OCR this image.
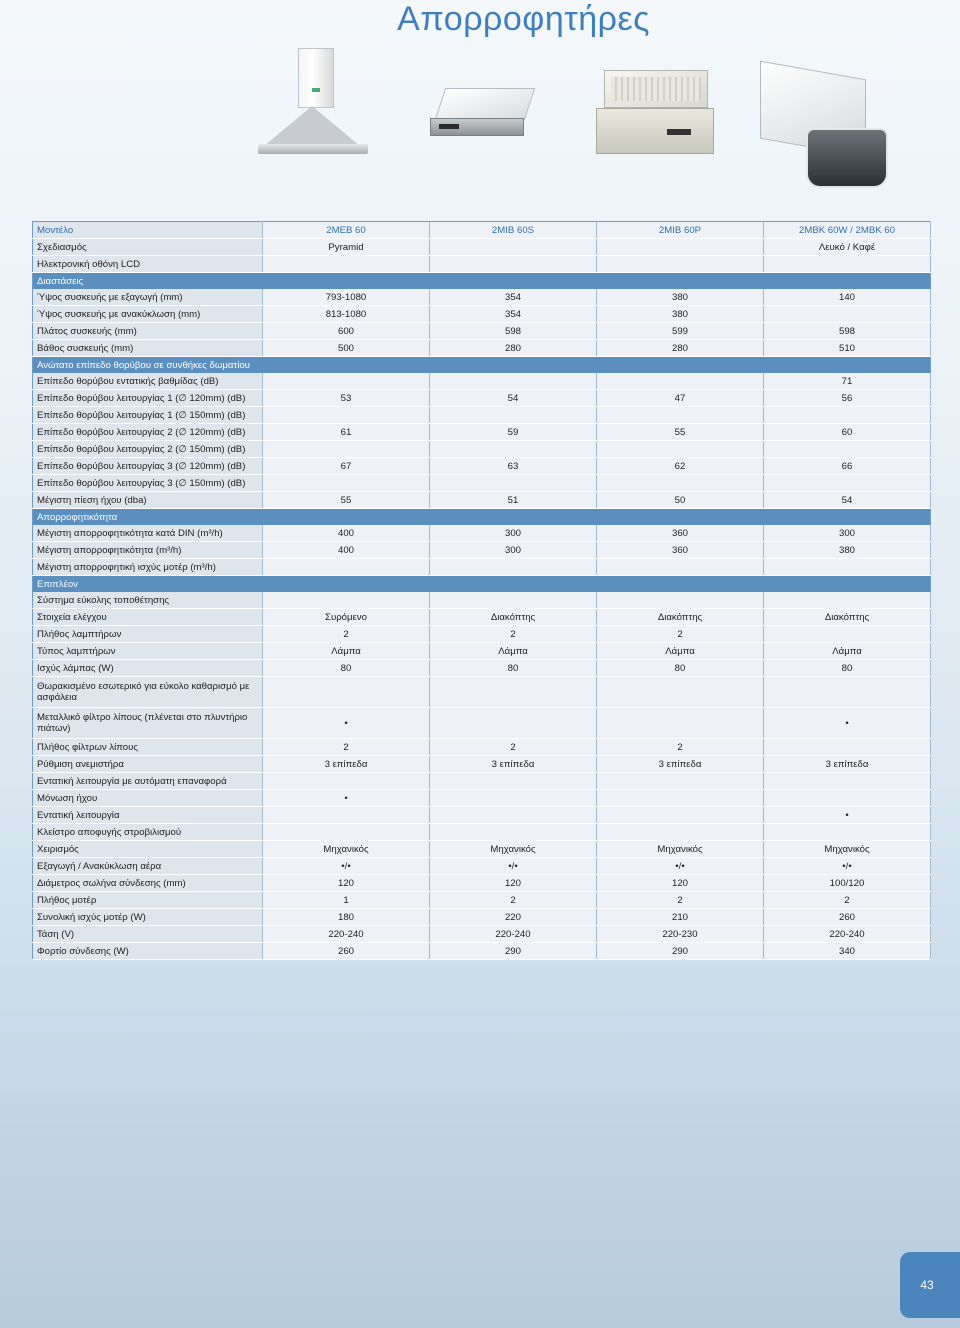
Απορροφητήρες
Μοντέλο	2MEB 60	2MIB 60S	2MIB 60P	2MBK 60W / 2MBK 60
Σχεδιασμός	Pyramid			Λευκό / Καφέ
Ηλεκτρονική οθόνη LCD				
Διαστάσεις				
Ύψος συσκευής με εξαγωγή (mm)	793-1080	354	380	140
Ύψος συσκευής με ανακύκλωση (mm)	813-1080	354	380	
Πλάτος συσκευής (mm)	600	598	599	598
Βάθος συσκευής (mm)	500	280	280	510
Ανώτατο επίπεδο θορύβου σε συνθήκες δωματίου				
Επίπεδο θορύβου εντατικής βαθμίδας (dB)				71
Επίπεδο θορύβου λειτουργίας 1 (∅ 120mm) (dB)	53	54	47	56
Επίπεδο θορύβου λειτουργίας 1 (∅ 150mm) (dB)				
Επίπεδο θορύβου λειτουργίας 2 (∅ 120mm) (dB)	61	59	55	60
Επίπεδο θορύβου λειτουργίας 2 (∅ 150mm) (dB)				
Επίπεδο θορύβου λειτουργίας 3 (∅ 120mm) (dB)	67	63	62	66
Επίπεδο θορύβου λειτουργίας 3 (∅ 150mm) (dB)				
Μέγιστη πίεση ήχου (dba)	55	51	50	54
Απορροφητικότητα				
Μέγιστη απορροφητικότητα κατά DIN (m³/h)	400	300	360	300
Μέγιστη απορροφητικότητα (m³/h)	400	300	360	380
Μέγιστη απορροφητική ισχύς μοτέρ (m³/h)				
Επιπλέον				
Σύστημα εύκολης τοποθέτησης				
Στοιχεία ελέγχου	Συρόμενο	Διακόπτης	Διακόπτης	Διακόπτης
Πλήθος λαμπτήρων	2	2	2	
Τύπος λαμπτήρων	Λάμπα	Λάμπα	Λάμπα	Λάμπα
Ισχύς λάμπας (W)	80	80	80	80
Θωρακισμένο εσωτερικό για εύκολο καθαρισμό με ασφάλεια				
Μεταλλικό φίλτρο λίπους (πλένεται στο πλυντήριο πιάτων)	•			•
Πλήθος φίλτρων λίπους	2	2	2	
Ρύθμιση ανεμιστήρα	3 επίπεδα	3 επίπεδα	3 επίπεδα	3 επίπεδα
Εντατική λειτουργία με αυτόματη επαναφορά				
Μόνωση ήχου	•			
Εντατική λειτουργία				•
Κλείστρο αποφυγής στροβιλισμού				
Χειρισμός	Μηχανικός	Μηχανικός	Μηχανικός	Μηχανικός
Εξαγωγή / Ανακύκλωση αέρα	•/•	•/•	•/•	•/•
Διάμετρος σωλήνα σύνδεσης (mm)	120	120	120	100/120
Πλήθος μοτέρ	1	2	2	2
Συνολική ισχύς μοτέρ (W)	180	220	210	260
Τάση (V)	220-240	220-240	220-230	220-240
Φορτίο σύνδεσης (W)	260	290	290	340
43
